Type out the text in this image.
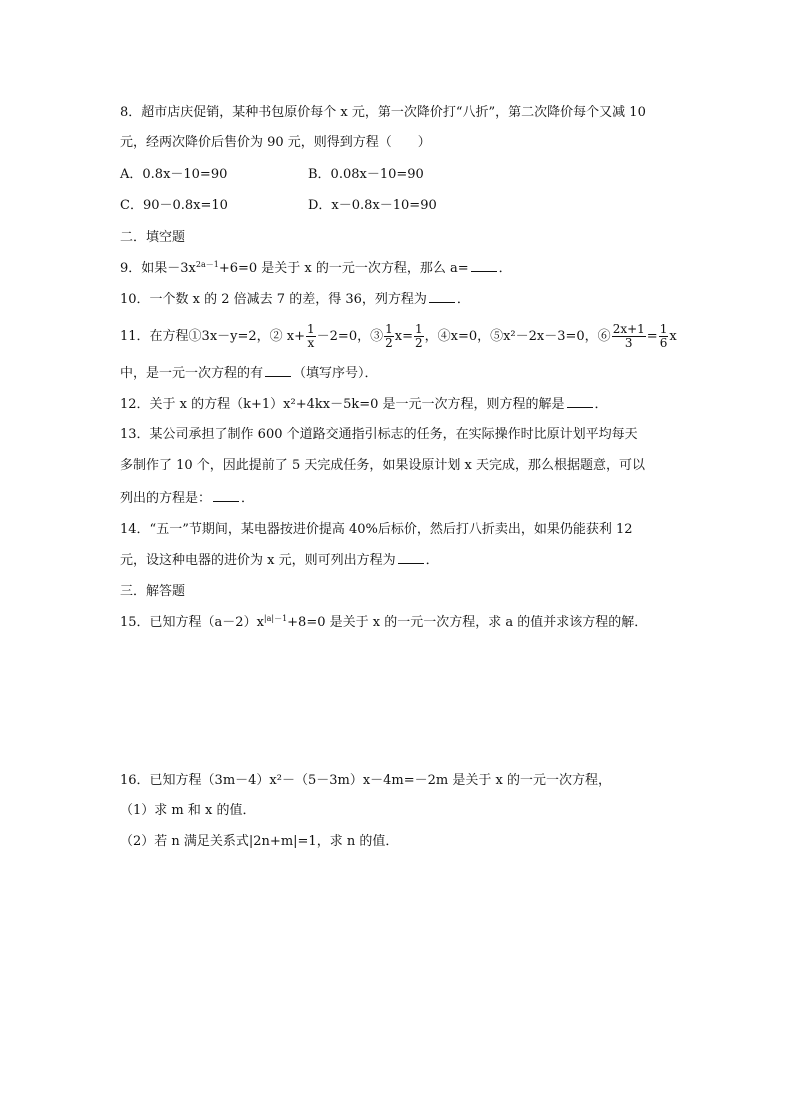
8．超市店庆促销，某种书包原价每个 x 元，第一次降价打“八折”，第二次降价每个又减 10
元，经两次降价后售价为 90 元，则得到方程（　　）
A．0.8x－10=90	B．0.08x－10=90
C．90－0.8x=10	D．x－0.8x－10=90
二．填空题
9．如果$-3x^{2a-1}+6=0$ 是关于 x 的一元一次方程，那么 a= ．
10．一个数 x 的 2 倍减去 7 的差，得 36，列方程为 ．
11．在方程①3x－y=2，② $x+ \frac{1}{x} -2=0$，③ $\frac{1}{2} x= \frac{1}{2}$ ，④x=0，⑤x²－2x－3=0，⑥ $\frac{2x+1}{3} = \frac{1}{6}$ x
中，是一元一次方程的有 （填写序号）．
12．关于 x 的方程（k+1）x²+4kx－5k=0 是一元一次方程，则方程的解是 ．
13．某公司承担了制作 600 个道路交通指引标志的任务，在实际操作时比原计划平均每天
多制作了 10 个，因此提前了 5 天完成任务，如果设原计划 x 天完成，那么根据题意，可以
列出的方程是： ．
14．“五一”节期间，某电器按进价提高 40%后标价，然后打八折卖出，如果仍能获利 12
元，设这种电器的进价为 x 元，则可列出方程为 ．
三．解答题
15．已知方程$(a-2)x^{|a|-1}+8=0$ 是关于 x 的一元一次方程，求 a 的值并求该方程的解．
16．已知方程（3m－4）x²－（5－3m）x－4m=－2m 是关于 x 的一元一次方程，
（1）求 m 和 x 的值．
（2）若 n 满足关系式|2n+m|=1，求 n 的值．
